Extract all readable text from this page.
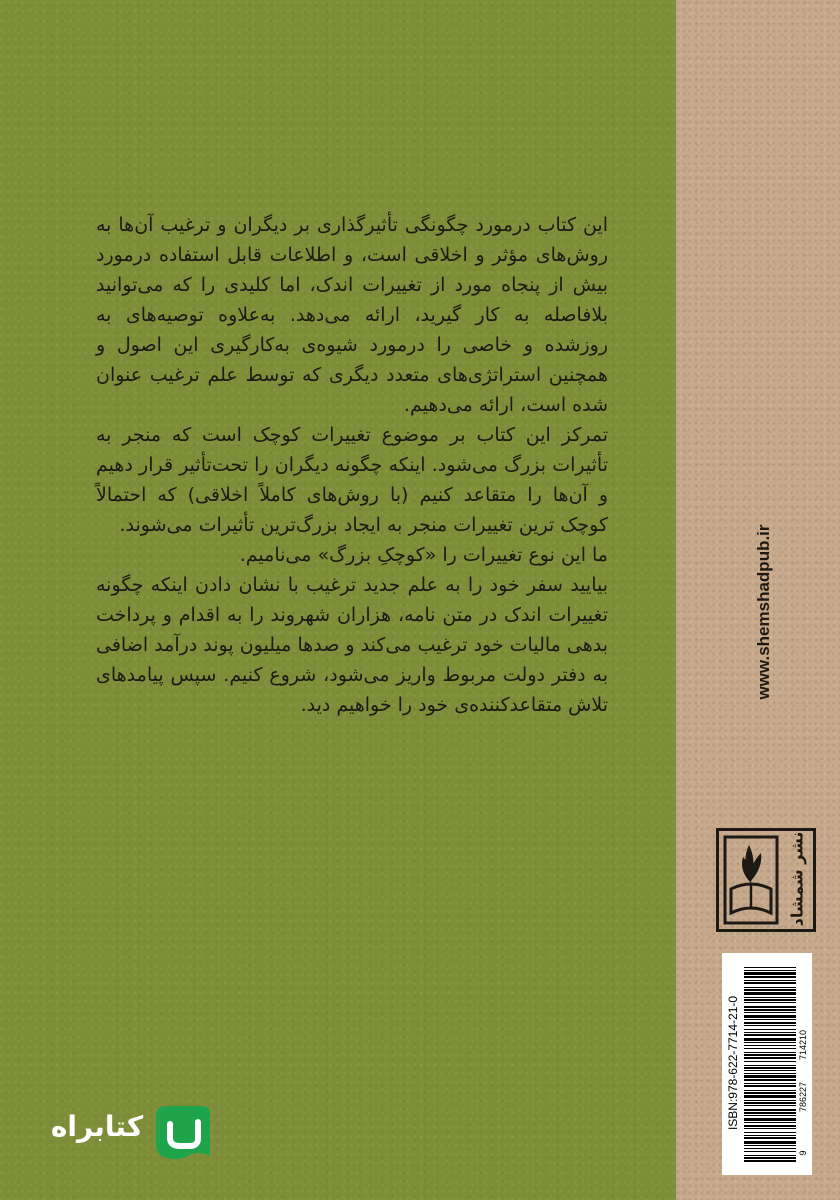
این کتاب درمورد چگونگی تأثیرگذاری بر دیگران و ترغیب آن‌ها به روش‌های مؤثر و اخلاقی است، و اطلاعات قابل استفاده درمورد بیش از پنجاه مورد از تغییرات اندک، اما کلیدی را که می‌توانید بلافاصله به کار گیرید، ارائه می‌دهد. به‌علاوه توصیه‌های به روزشده و خاصی را درمورد شیوه‌ی به‌کارگیری این اصول و همچنین استراتژی‌های متعدد دیگری که توسط علم ترغیب عنوان شده است، ارائه می‌دهیم.

تمرکز این کتاب بر موضوع تغییرات کوچک است که منجر به تأثیرات بزرگ می‌شود. اینکه چگونه دیگران را تحت‌تأثیر قرار دهیم و آن‌ها را متقاعد کنیم (با روش‌های کاملاً اخلاقی) که احتمالاً کوچک ترین تغییرات منجر به ایجاد بزرگ‌ترین تأثیرات می‌شوند.

ما این نوع تغییرات را «کوچکِ بزرگ» می‌نامیم.

بیایید سفر خود را به علم جدید ترغیب با نشان دادن اینکه چگونه تغییرات اندک در متن نامه، هزاران شهروند را به اقدام و پرداخت بدهی مالیات خود ترغیب می‌کند و صدها میلیون پوند درآمد اضافی به دفتر دولت مربوط واریز می‌شود، شروع کنیم. سپس پیامدهای تلاش متقاعدکننده‌ی خود را خواهیم دید.

www.shemshadpub.ir
نشر شمشاد
ISBN:978-622-7714-21-0	786227
714210
9
کتابراه
